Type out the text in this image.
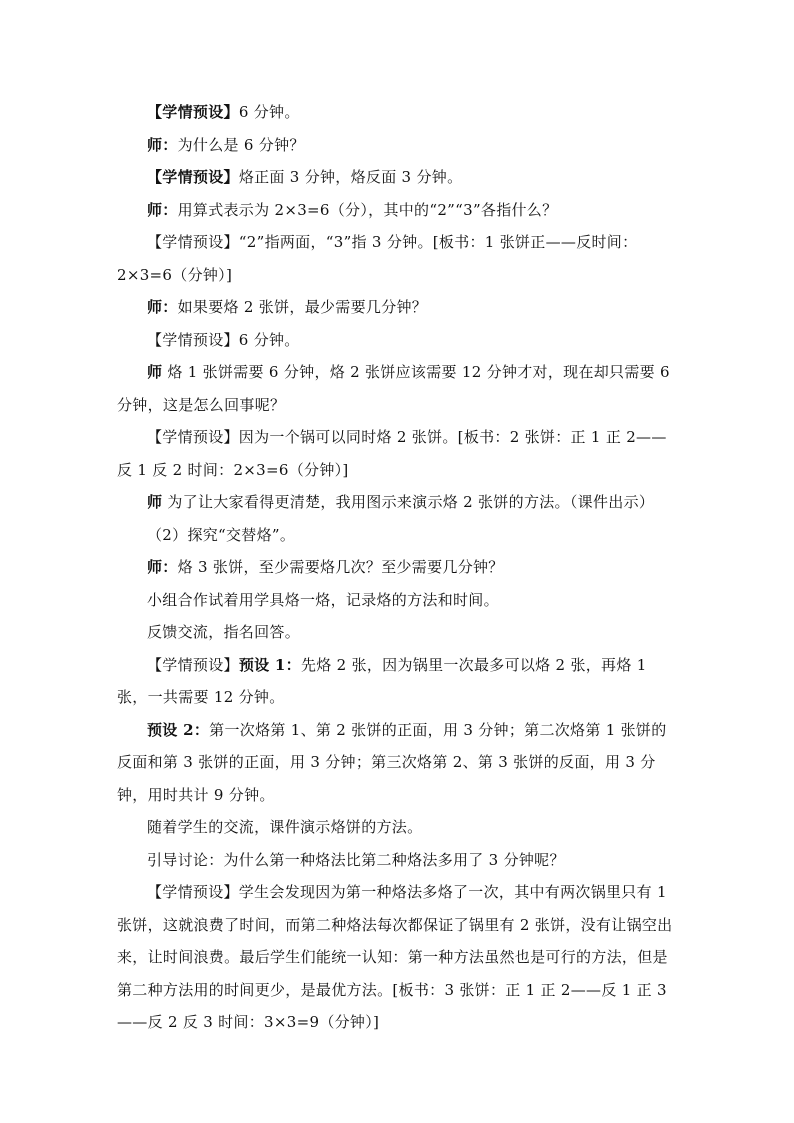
【学情预设】6 分钟。

师：为什么是 6 分钟？

【学情预设】烙正面 3 分钟，烙反面 3 分钟。

师：用算式表示为 2×3=6（分），其中的“2”“3”各指什么？

【学情预设】“2”指两面，“3”指 3 分钟。[板书：1 张饼正——反时间：2×3=6（分钟）]

师：如果要烙 2 张饼，最少需要几分钟？

【学情预设】6 分钟。

师 烙 1 张饼需要 6 分钟，烙 2 张饼应该需要 12 分钟才对，现在却只需要 6 分钟，这是怎么回事呢？

【学情预设】因为一个锅可以同时烙 2 张饼。[板书：2 张饼：正 1 正 2——反 1 反 2 时间：2×3=6（分钟）]

师 为了让大家看得更清楚，我用图示来演示烙 2 张饼的方法。（课件出示）

（2）探究“交替烙”。

师：烙 3 张饼，至少需要烙几次？至少需要几分钟？

小组合作试着用学具烙一烙，记录烙的方法和时间。

反馈交流，指名回答。

【学情预设】预设 1：先烙 2 张，因为锅里一次最多可以烙 2 张，再烙 1 张，一共需要 12 分钟。

预设 2：第一次烙第 1、第 2 张饼的正面，用 3 分钟；第二次烙第 1 张饼的反面和第 3 张饼的正面，用 3 分钟；第三次烙第 2、第 3 张饼的反面，用 3 分钟，用时共计 9 分钟。

随着学生的交流，课件演示烙饼的方法。

引导讨论：为什么第一种烙法比第二种烙法多用了 3 分钟呢？

【学情预设】学生会发现因为第一种烙法多烙了一次，其中有两次锅里只有 1 张饼，这就浪费了时间，而第二种烙法每次都保证了锅里有 2 张饼，没有让锅空出来，让时间浪费。最后学生们能统一认知：第一种方法虽然也是可行的方法，但是第二种方法用的时间更少，是最优方法。[板书：3 张饼：正 1 正 2——反 1 正 3——反 2 反 3 时间：3×3=9（分钟）]
